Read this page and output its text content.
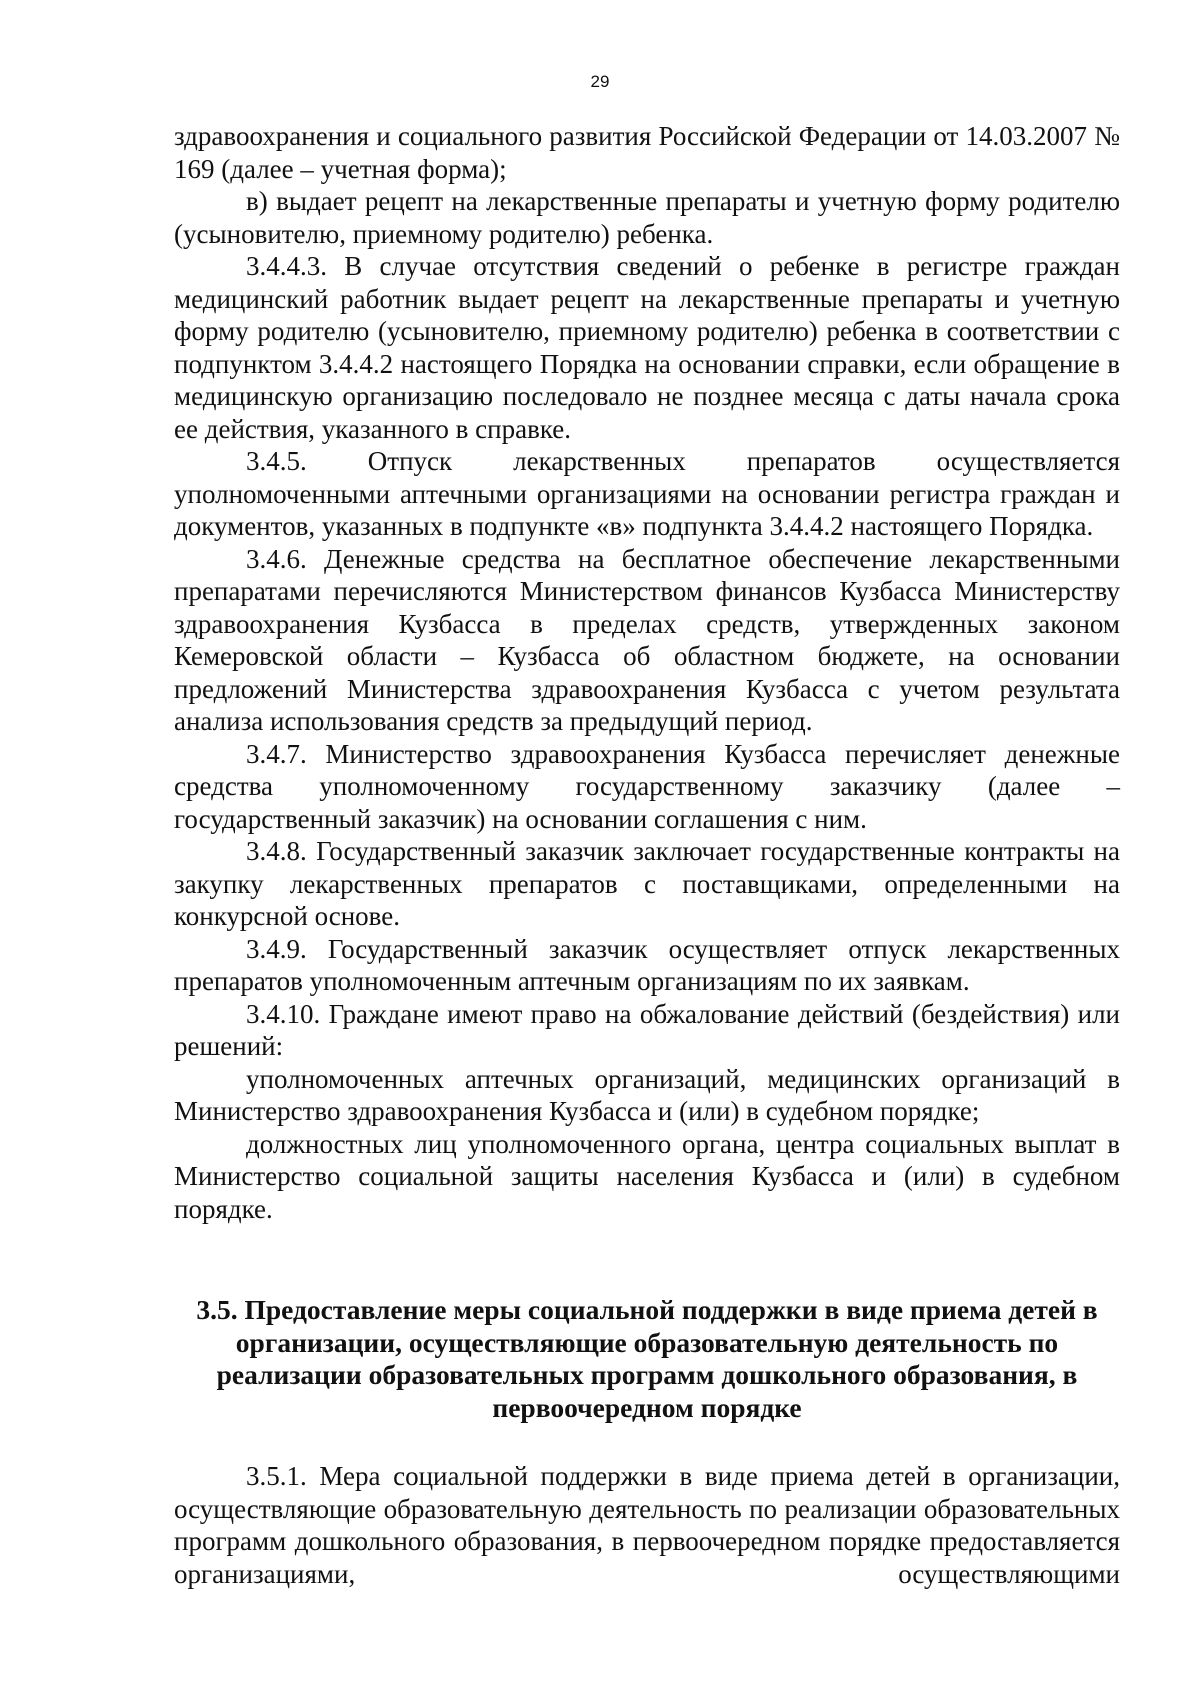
29

здравоохранения и социального развития Российской Федерации от 14.03.2007 № 169 (далее – учетная форма);

в) выдает рецепт на лекарственные препараты и учетную форму родителю (усыновителю, приемному родителю) ребенка.

3.4.4.3. В случае отсутствия сведений о ребенке в регистре граждан медицинский работник выдает рецепт на лекарственные препараты и учетную форму родителю (усыновителю, приемному родителю) ребенка в соответствии с подпунктом 3.4.4.2 настоящего Порядка на основании справки, если обращение в медицинскую организацию последовало не позднее месяца с даты начала срока ее действия, указанного в справке.

3.4.5. Отпуск лекарственных препаратов осуществляется уполномоченными аптечными организациями на основании регистра граждан и документов, указанных в подпункте «в» подпункта 3.4.4.2 настоящего Порядка.

3.4.6. Денежные средства на бесплатное обеспечение лекарственными препаратами перечисляются Министерством финансов Кузбасса Министерству здравоохранения Кузбасса в пределах средств, утвержденных законом Кемеровской области – Кузбасса об областном бюджете, на основании предложений Министерства здравоохранения Кузбасса с учетом результата анализа использования средств за предыдущий период.

3.4.7. Министерство здравоохранения Кузбасса перечисляет денежные средства уполномоченному государственному заказчику (далее – государственный заказчик) на основании соглашения с ним.

3.4.8. Государственный заказчик заключает государственные контракты на закупку лекарственных препаратов с поставщиками, определенными на конкурсной основе.

3.4.9. Государственный заказчик осуществляет отпуск лекарственных препаратов уполномоченным аптечным организациям по их заявкам.

3.4.10. Граждане имеют право на обжалование действий (бездействия) или решений:

уполномоченных аптечных организаций, медицинских организаций в Министерство здравоохранения Кузбасса и (или) в судебном порядке;

должностных лиц уполномоченного органа, центра социальных выплат в Министерство социальной защиты населения Кузбасса и (или) в судебном порядке.

3.5. Предоставление меры социальной поддержки в виде приема детей в организации, осуществляющие образовательную деятельность по реализации образовательных программ дошкольного образования, в первоочередном порядке

3.5.1. Мера социальной поддержки в виде приема детей в организации, осуществляющие образовательную деятельность по реализации образовательных программ дошкольного образования, в первоочередном порядке предоставляется организациями, осуществляющими
